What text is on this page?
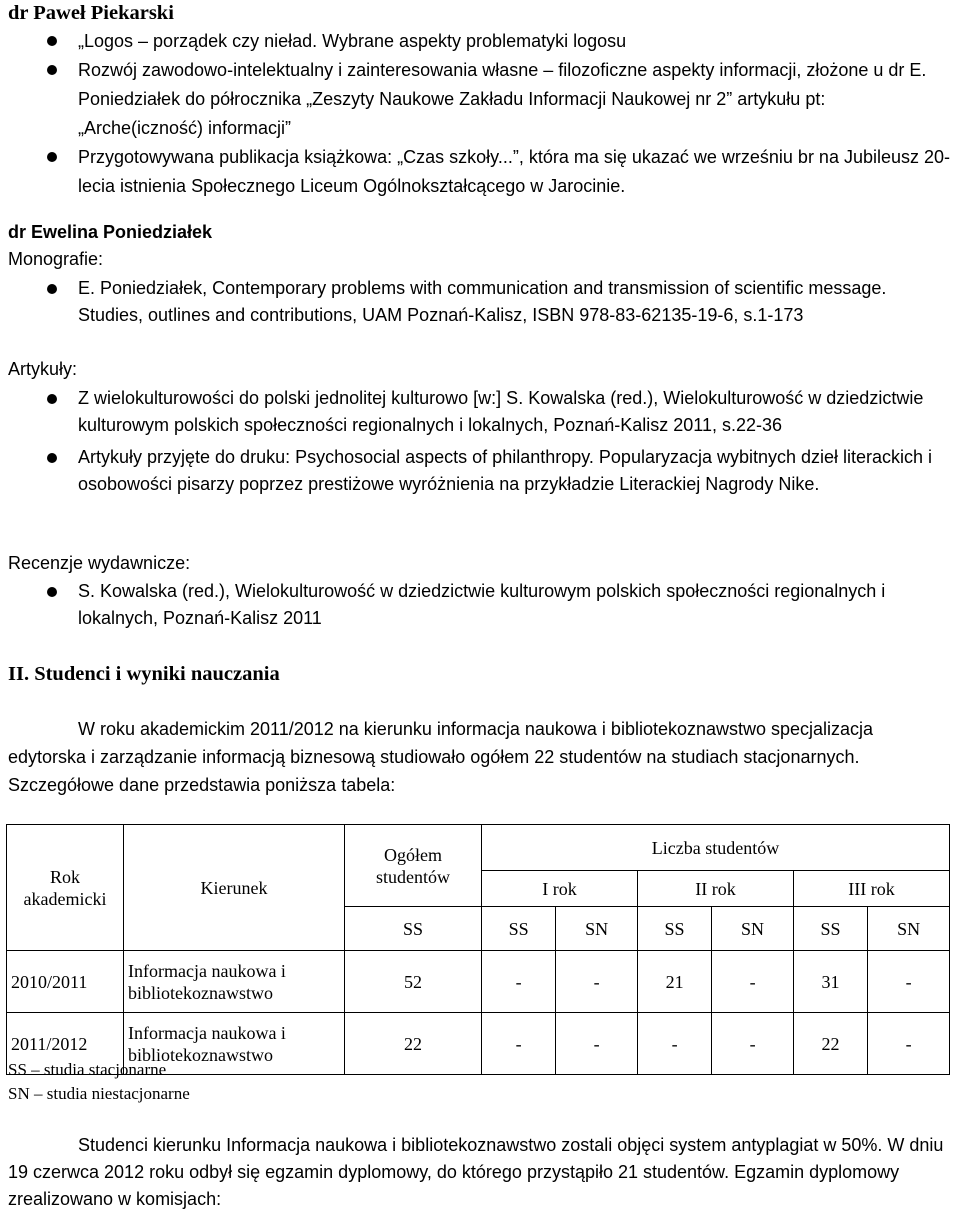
dr Paweł Piekarski
„Logos – porządek czy nieład. Wybrane aspekty problematyki logosu
Rozwój zawodowo-intelektualny i zainteresowania własne – filozoficzne aspekty informacji, złożone u dr E. Poniedziałek do półrocznika „Zeszyty Naukowe Zakładu Informacji Naukowej nr 2” artykułu pt: „Arche(iczność) informacji”
Przygotowywana publikacja książkowa: „Czas szkoły...”, która ma się ukazać we wrześniu br na Jubileusz 20-lecia istnienia Społecznego Liceum Ogólnokształcącego w Jarocinie.
dr Ewelina Poniedziałek
Monografie:
E. Poniedziałek, Contemporary problems with communication and transmission of scientific message. Studies, outlines and contributions, UAM Poznań-Kalisz, ISBN 978-83-62135-19-6, s.1-173
Artykuły:
Z wielokulturowości do polski jednolitej kulturowo [w:] S. Kowalska (red.), Wielokulturowość w dziedzictwie kulturowym polskich społeczności regionalnych i lokalnych, Poznań-Kalisz 2011, s.22-36
Artykuły przyjęte do druku: Psychosocial aspects of philanthropy. Popularyzacja wybitnych dzieł literackich i osobowości pisarzy poprzez prestiżowe wyróżnienia na przykładzie Literackiej Nagrody Nike.
Recenzje wydawnicze:
S. Kowalska (red.), Wielokulturowość w dziedzictwie kulturowym polskich społeczności regionalnych i lokalnych, Poznań-Kalisz 2011
II. Studenci i wyniki nauczania
W roku akademickim 2011/2012 na kierunku informacja naukowa i bibliotekoznawstwo specjalizacja edytorska i zarządzanie informacją biznesową studiowało ogółem 22 studentów na studiach stacjonarnych. Szczegółowe dane przedstawia poniższa tabela:
Rok akademicki	Kierunek	Ogółem studentów	Liczba studentów					
			I rok		II rok		III rok	
		SS	SS	SN	SS	SN	SS	SN
2010/2011	Informacja naukowa i bibliotekoznawstwo	52	-	-	21	-	31	-
2011/2012	Informacja naukowa i bibliotekoznawstwo	22	-	-	-	-	22	-
SS – studia stacjonarne
SN – studia niestacjonarne
Studenci kierunku Informacja naukowa i bibliotekoznawstwo zostali objęci system antyplagiat w 50%. W dniu 19 czerwca 2012 roku odbył się egzamin dyplomowy, do którego przystąpiło 21 studentów. Egzamin dyplomowy zrealizowano w komisjach:
